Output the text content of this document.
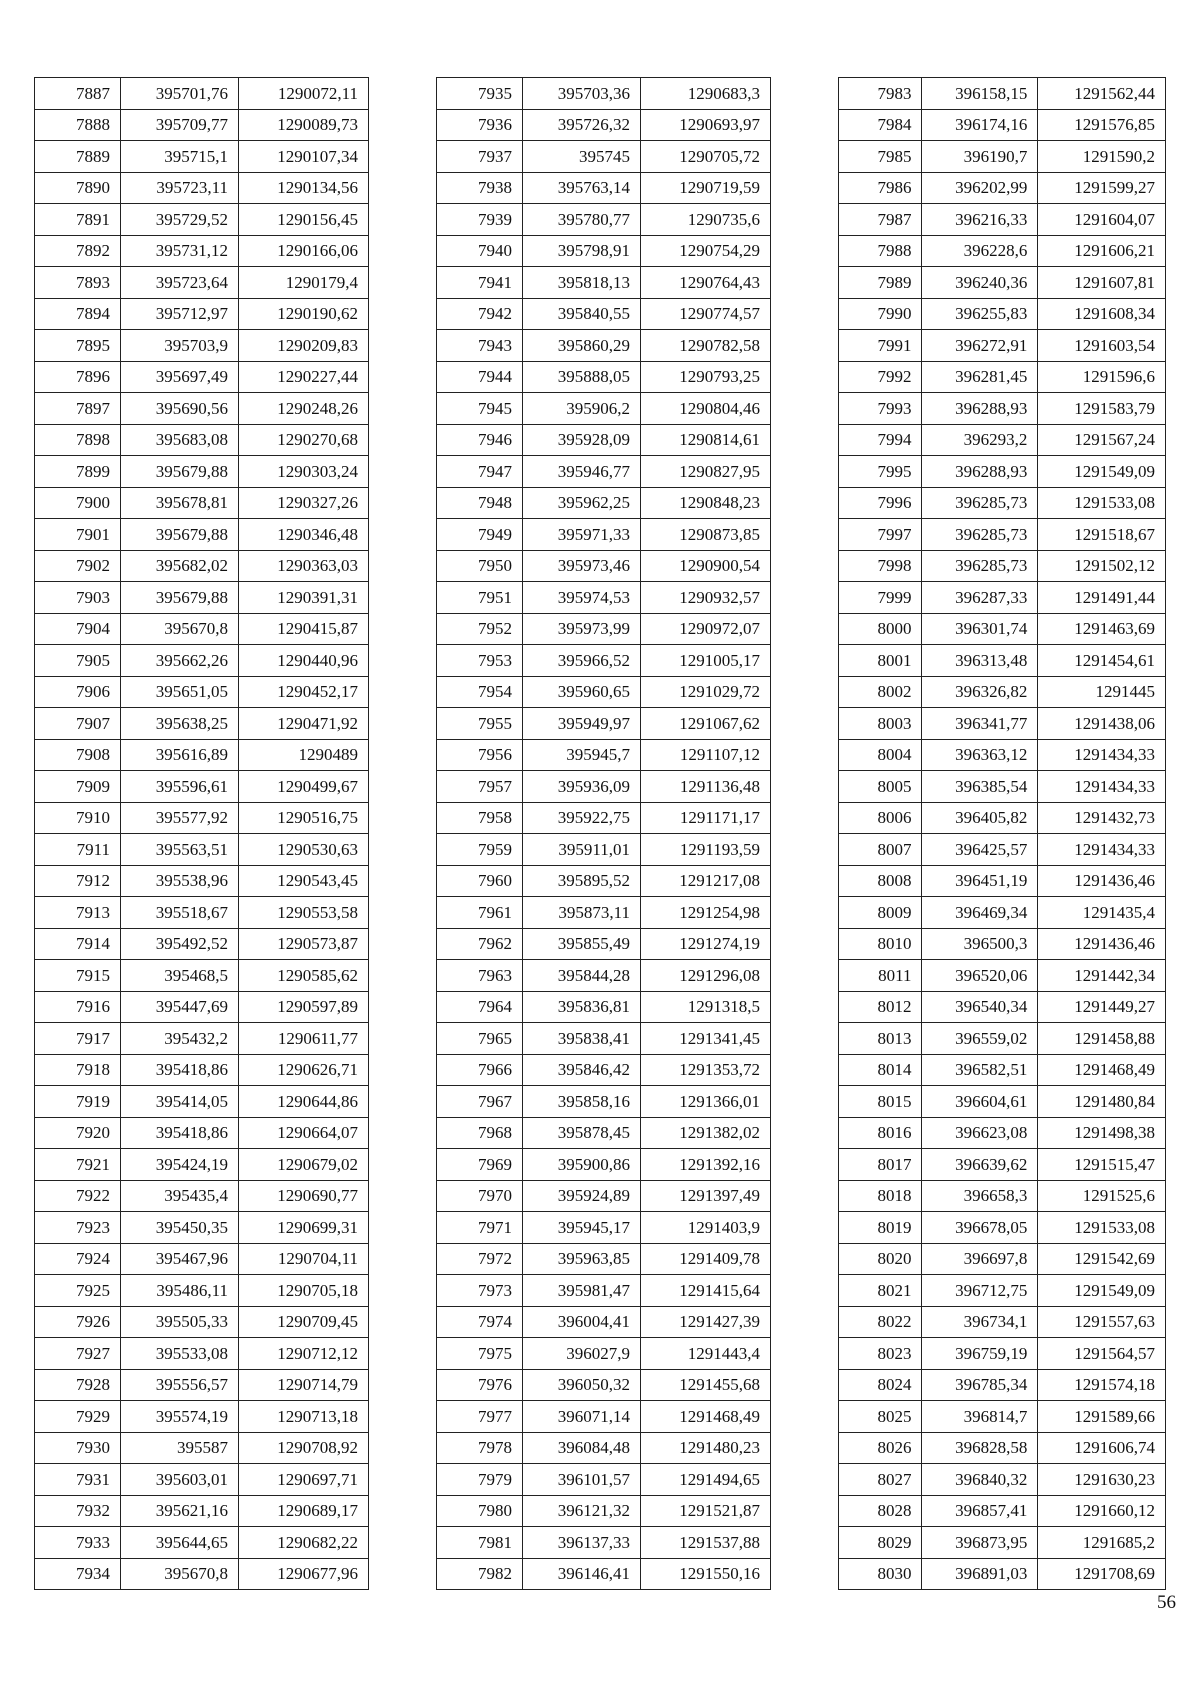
7887	395701,76	1290072,11
7888	395709,77	1290089,73
7889	395715,1	1290107,34
7890	395723,11	1290134,56
7891	395729,52	1290156,45
7892	395731,12	1290166,06
7893	395723,64	1290179,4
7894	395712,97	1290190,62
7895	395703,9	1290209,83
7896	395697,49	1290227,44
7897	395690,56	1290248,26
7898	395683,08	1290270,68
7899	395679,88	1290303,24
7900	395678,81	1290327,26
7901	395679,88	1290346,48
7902	395682,02	1290363,03
7903	395679,88	1290391,31
7904	395670,8	1290415,87
7905	395662,26	1290440,96
7906	395651,05	1290452,17
7907	395638,25	1290471,92
7908	395616,89	1290489
7909	395596,61	1290499,67
7910	395577,92	1290516,75
7911	395563,51	1290530,63
7912	395538,96	1290543,45
7913	395518,67	1290553,58
7914	395492,52	1290573,87
7915	395468,5	1290585,62
7916	395447,69	1290597,89
7917	395432,2	1290611,77
7918	395418,86	1290626,71
7919	395414,05	1290644,86
7920	395418,86	1290664,07
7921	395424,19	1290679,02
7922	395435,4	1290690,77
7923	395450,35	1290699,31
7924	395467,96	1290704,11
7925	395486,11	1290705,18
7926	395505,33	1290709,45
7927	395533,08	1290712,12
7928	395556,57	1290714,79
7929	395574,19	1290713,18
7930	395587	1290708,92
7931	395603,01	1290697,71
7932	395621,16	1290689,17
7933	395644,65	1290682,22
7934	395670,8	1290677,96
7935	395703,36	1290683,3
7936	395726,32	1290693,97
7937	395745	1290705,72
7938	395763,14	1290719,59
7939	395780,77	1290735,6
7940	395798,91	1290754,29
7941	395818,13	1290764,43
7942	395840,55	1290774,57
7943	395860,29	1290782,58
7944	395888,05	1290793,25
7945	395906,2	1290804,46
7946	395928,09	1290814,61
7947	395946,77	1290827,95
7948	395962,25	1290848,23
7949	395971,33	1290873,85
7950	395973,46	1290900,54
7951	395974,53	1290932,57
7952	395973,99	1290972,07
7953	395966,52	1291005,17
7954	395960,65	1291029,72
7955	395949,97	1291067,62
7956	395945,7	1291107,12
7957	395936,09	1291136,48
7958	395922,75	1291171,17
7959	395911,01	1291193,59
7960	395895,52	1291217,08
7961	395873,11	1291254,98
7962	395855,49	1291274,19
7963	395844,28	1291296,08
7964	395836,81	1291318,5
7965	395838,41	1291341,45
7966	395846,42	1291353,72
7967	395858,16	1291366,01
7968	395878,45	1291382,02
7969	395900,86	1291392,16
7970	395924,89	1291397,49
7971	395945,17	1291403,9
7972	395963,85	1291409,78
7973	395981,47	1291415,64
7974	396004,41	1291427,39
7975	396027,9	1291443,4
7976	396050,32	1291455,68
7977	396071,14	1291468,49
7978	396084,48	1291480,23
7979	396101,57	1291494,65
7980	396121,32	1291521,87
7981	396137,33	1291537,88
7982	396146,41	1291550,16
7983	396158,15	1291562,44
7984	396174,16	1291576,85
7985	396190,7	1291590,2
7986	396202,99	1291599,27
7987	396216,33	1291604,07
7988	396228,6	1291606,21
7989	396240,36	1291607,81
7990	396255,83	1291608,34
7991	396272,91	1291603,54
7992	396281,45	1291596,6
7993	396288,93	1291583,79
7994	396293,2	1291567,24
7995	396288,93	1291549,09
7996	396285,73	1291533,08
7997	396285,73	1291518,67
7998	396285,73	1291502,12
7999	396287,33	1291491,44
8000	396301,74	1291463,69
8001	396313,48	1291454,61
8002	396326,82	1291445
8003	396341,77	1291438,06
8004	396363,12	1291434,33
8005	396385,54	1291434,33
8006	396405,82	1291432,73
8007	396425,57	1291434,33
8008	396451,19	1291436,46
8009	396469,34	1291435,4
8010	396500,3	1291436,46
8011	396520,06	1291442,34
8012	396540,34	1291449,27
8013	396559,02	1291458,88
8014	396582,51	1291468,49
8015	396604,61	1291480,84
8016	396623,08	1291498,38
8017	396639,62	1291515,47
8018	396658,3	1291525,6
8019	396678,05	1291533,08
8020	396697,8	1291542,69
8021	396712,75	1291549,09
8022	396734,1	1291557,63
8023	396759,19	1291564,57
8024	396785,34	1291574,18
8025	396814,7	1291589,66
8026	396828,58	1291606,74
8027	396840,32	1291630,23
8028	396857,41	1291660,12
8029	396873,95	1291685,2
8030	396891,03	1291708,69
56
